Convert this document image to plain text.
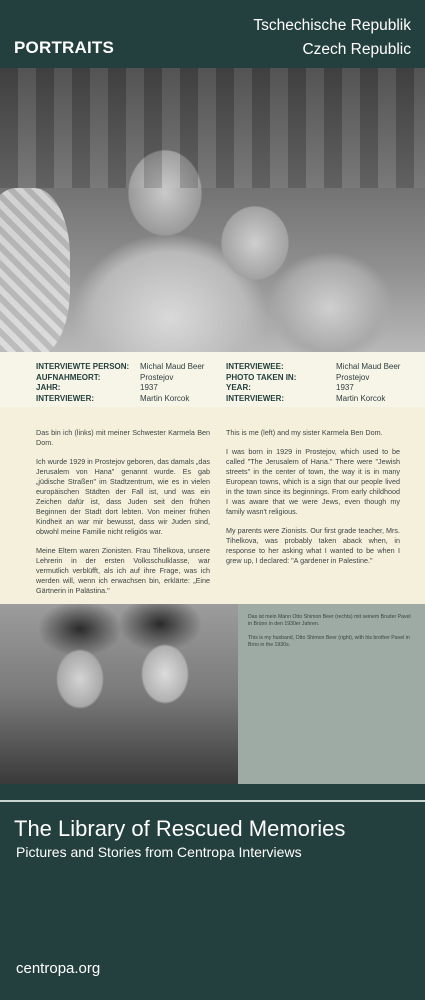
PORTRAITS
Tschechische Republik
Czech Republic
INTERVIEWTE PERSON:
AUFNAHMEORT:
JAHR:
INTERVIEWER:
Michal Maud Beer
Prostejov
1937
Martin Korcok
INTERVIEWEE:
PHOTO TAKEN IN:
YEAR:
INTERVIEWER:
Michal Maud Beer
Prostejov
1937
Martin Korcok

Das bin ich (links) mit meiner Schwester Karmela Ben Dom.

Ich wurde 1929 in Prostejov geboren, das damals „das Jerusalem von Hana" genannt wurde. Es gab „jüdische Straßen" im Stadtzentrum, wie es in vielen europäischen Städten der Fall ist, und was ein Zeichen dafür ist, dass Juden seit den frühen Beginnen der Stadt dort lebten. Von meiner frühen Kindheit an war mir bewusst, dass wir Juden sind, obwohl meine Familie nicht religiös war.

Meine Eltern waren Zionisten. Frau Tihelkova, unsere Lehrerin in der ersten Volksschulklasse, war vermutlich verblüfft, als ich auf ihre Frage, was ich werden will, wenn ich erwachsen bin, erklärte: „Eine Gärtnerin in Palästina."

This is me (left) and my sister Karmela Ben Dom.

I was born in 1929 in Prostejov, which used to be called "The Jerusalem of Hana." There were "Jewish streets" in the center of town, the way it is in many European towns, which is a sign that our people lived in the town since its beginnings. From early childhood I was aware that we were Jews, even though my family wasn't religious.

My parents were Zionists. Our first grade teacher, Mrs. Tihelkova, was probably taken aback when, in response to her asking what I wanted to be when I grew up, I declared: "A gardener in Palestine."

Das ist mein Mann Otto Shimon Beer (rechts) mit seinem Bruder Pavel in Brünn in den 1930er Jahren.

This is my husband, Otto Shimon Beer (right), with his brother Pavel in Brno in the 1930s.

The Library of Rescued Memories
Pictures and Stories from Centropa Interviews
centropa.org
